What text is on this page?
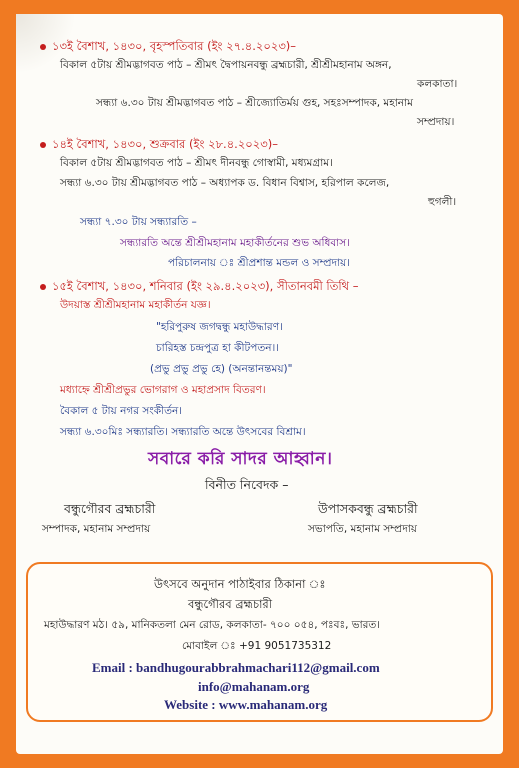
১৩ই বৈশাখ, ১৪৩০, বৃহস্পতিবার (ইং ২৭.৪.২০২৩)–
বিকাল ৫টায় শ্রীমদ্ভাগবত পাঠ – শ্রীমৎ দ্বৈপায়নবন্ধু ব্রহ্মচারী, শ্রীশ্রীমহানাম অঙ্গন,
কলকাতা।
সন্ধ্যা ৬.৩০ টায় শ্রীমদ্ভাগবত পাঠ – শ্রীজ্যোতির্ময় গুহ, সহঃসম্পাদক, মহানাম
সম্প্রদায়।
১৪ই বৈশাখ, ১৪৩০, শুক্রবার (ইং ২৮.৪.২০২৩)–
বিকাল ৫টায় শ্রীমদ্ভাগবত পাঠ – শ্রীমৎ দীনবন্ধু গোস্বামী, মধ্যমগ্রাম।
সন্ধ্যা ৬.৩০ টায় শ্রীমদ্ভাগবত পাঠ – অধ্যাপক ড. বিধান বিশ্বাস, হরিপাল কলেজ,
হুগলী।
সন্ধ্যা ৭.৩০ টায় সন্ধ্যারতি –
সন্ধ্যারতি অন্তে শ্রীশ্রীমহানাম মহাকীর্তনের শুভ অধিবাস।
পরিচালনায় ঃ শ্রীপ্রশান্ত মন্ডল ও সম্প্রদায়।
১৫ই বৈশাখ, ১৪৩০, শনিবার (ইং ২৯.৪.২০২৩), সীতানবমী তিথি –
উদয়াস্ত শ্রীশ্রীমহানাম মহাকীর্তন যজ্ঞ।
"হরিপুরুষ জগদ্বন্ধু মহাউদ্ধারণ।
চারিহস্ত চন্দ্রপুত্র হা কীটপতন।।
(প্রভু প্রভু প্রভু হে) (অনন্তানন্তময়)"
মধ্যাহ্নে শ্রীশ্রীপ্রভুর ভোগরাগ ও মহাপ্রসাদ বিতরণ।
বৈকাল ৫ টায় নগর সংকীর্তন।
সন্ধ্যা ৬.৩০মিঃ সন্ধ্যারতি। সন্ধ্যারতি অন্তে উৎসবের বিশ্রাম।
সবারে করি সাদর আহ্বান।
বিনীত নিবেদক –
বন্ধুগৌরব ব্রহ্মচারী
সম্পাদক, মহানাম সম্প্রদায়
উপাসকবন্ধু ব্রহ্মচারী
সভাপতি, মহানাম সম্প্রদায়
উৎসবে অনুদান পাঠাইবার ঠিকানা ঃ
বন্ধুগৌরব ব্রহ্মচারী
মহাউদ্ধারণ মঠ। ৫৯, মানিকতলা মেন রোড, কলকাতা- ৭০০ ০৫৪, পঃবঃ, ভারত।
মোবাইল ঃ +91 9051735312
Email : bandhugourabbrahmachari112@gmail.com
info@mahanam.org
Website : www.mahanam.org
